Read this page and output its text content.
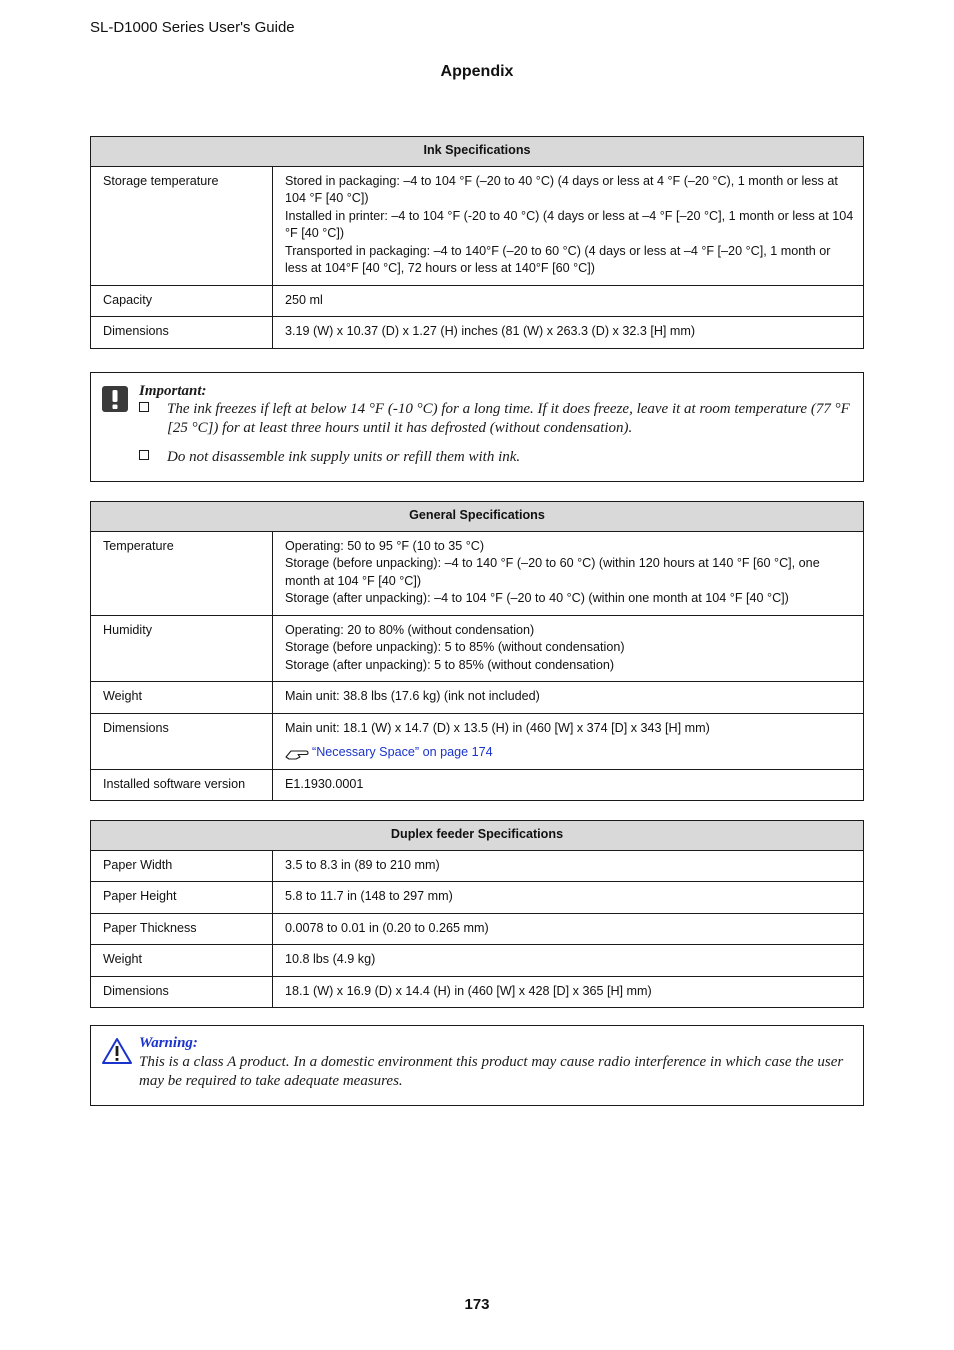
SL-D1000 Series User's Guide
Appendix
Ink Specifications	
Storage temperature	Stored in packaging: –4 to 104 °F (–20 to 40 °C) (4 days or less at 4 °F (–20 °C), 1 month or less at 104 °F [40 °C])
Installed in printer: –4 to 104 °F (-20 to 40 °C) (4 days or less at –4 °F [–20 °C], 1 month or less at 104 °F [40 °C])
Transported in packaging: –4 to 140°F (–20 to 60 °C) (4 days or less at –4 °F [–20 °C], 1 month or less at 104°F [40 °C], 72 hours or less at 140°F [60 °C])

Capacity	250 ml
Dimensions	3.19 (W) x 10.37 (D) x 1.27 (H) inches (81 (W) x 263.3 (D) x 32.3 [H] mm)
Important:
The ink freezes if left at below 14 °F (-10 °C) for a long time. If it does freeze, leave it at room temperature (77 °F [25 °C]) for at least three hours until it has defrosted (without condensation).
Do not disassemble ink supply units or refill them with ink.
General Specifications	
Temperature	Operating: 50 to 95 °F (10 to 35 °C)
Storage (before unpacking): –4 to 140 °F (–20 to 60 °C) (within 120 hours at 140 °F [60 °C], one month at 104 °F [40 °C])
Storage (after unpacking): –4 to 104 °F (–20 to 40 °C) (within one month at 104 °F [40 °C])

Humidity	Operating: 20 to 80% (without condensation)
Storage (before unpacking): 5 to 85% (without condensation)
Storage (after unpacking): 5 to 85% (without condensation)

Weight	Main unit: 38.8 lbs (17.6 kg) (ink not included)
Dimensions	Main unit: 18.1 (W) x 14.7 (D) x 13.5 (H) in (460 [W] x 374 [D] x 343 [H] mm)
“Necessary Space” on page 174

Installed software version	E1.1930.0001
Duplex feeder Specifications	
Paper Width	3.5 to 8.3 in (89 to 210 mm)
Paper Height	5.8 to 11.7 in (148 to 297 mm)
Paper Thickness	0.0078 to 0.01 in (0.20 to 0.265 mm)
Weight	10.8 lbs (4.9 kg)
Dimensions	18.1 (W) x 16.9 (D) x 14.4 (H) in (460 [W] x 428 [D] x 365 [H] mm)
Warning:
This is a class A product. In a domestic environment this product may cause radio interference in which case the user may be required to take adequate measures.
173
